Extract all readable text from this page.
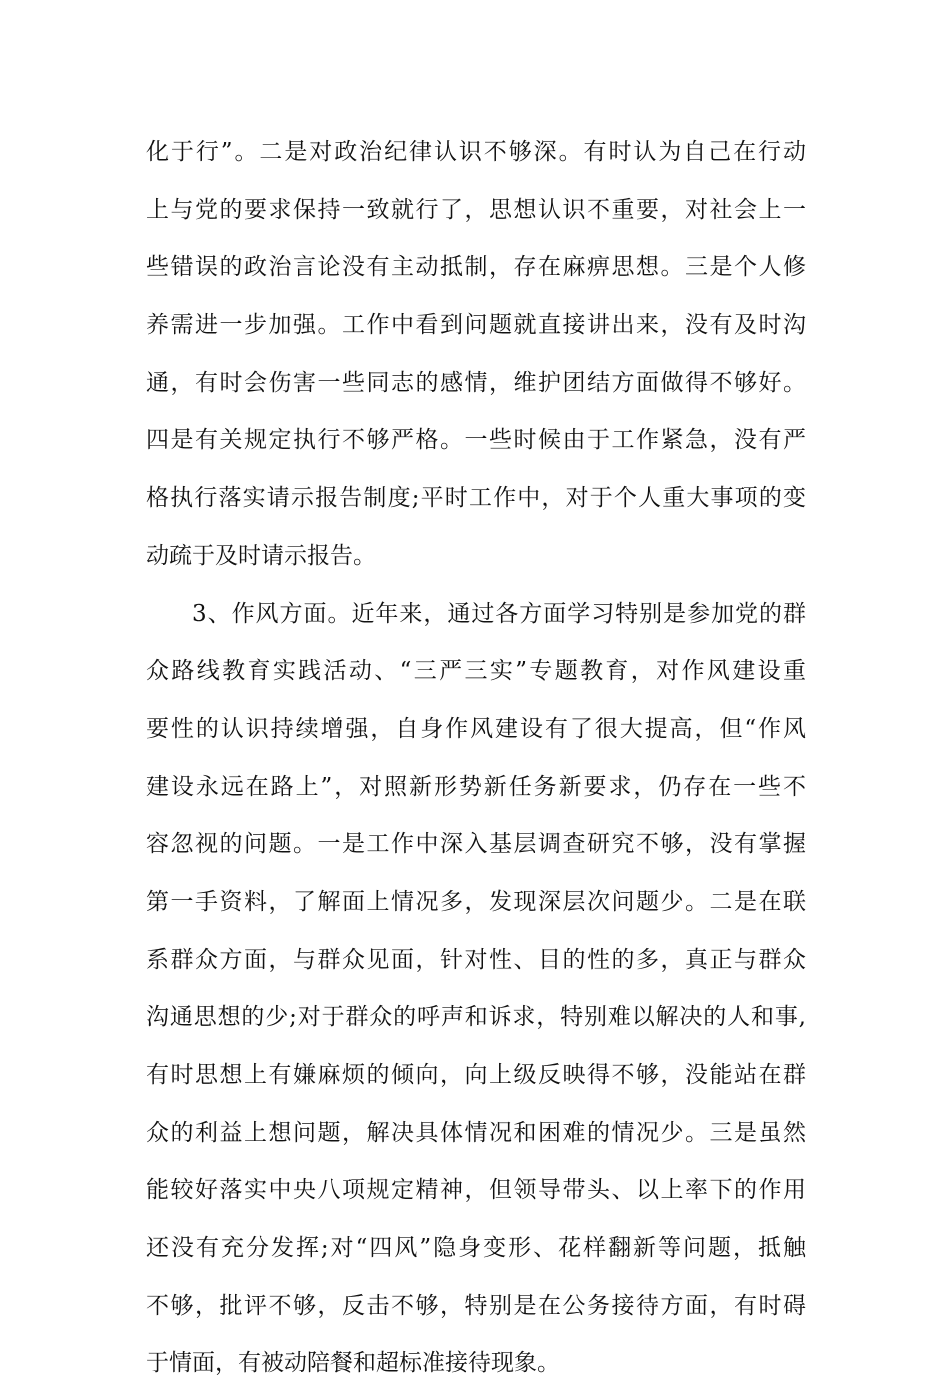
化于行”。二是对政治纪律认识不够深。有时认为自己在行动
上与党的要求保持一致就行了，思想认识不重要，对社会上一
些错误的政治言论没有主动抵制，存在麻痹思想。三是个人修
养需进一步加强。工作中看到问题就直接讲出来，没有及时沟
通，有时会伤害一些同志的感情，维护团结方面做得不够好。
四是有关规定执行不够严格。一些时候由于工作紧急，没有严
格执行落实请示报告制度;平时工作中，对于个人重大事项的变
动疏于及时请示报告。
3、作风方面。近年来，通过各方面学习特别是参加党的群
众路线教育实践活动、“三严三实”专题教育，对作风建设重
要性的认识持续增强，自身作风建设有了很大提高，但“作风
建设永远在路上”，对照新形势新任务新要求，仍存在一些不
容忽视的问题。一是工作中深入基层调查研究不够，没有掌握
第一手资料，了解面上情况多，发现深层次问题少。二是在联
系群众方面，与群众见面，针对性、目的性的多，真正与群众
沟通思想的少;对于群众的呼声和诉求，特别难以解决的人和事,
有时思想上有嫌麻烦的倾向，向上级反映得不够，没能站在群
众的利益上想问题，解决具体情况和困难的情况少。三是虽然
能较好落实中央八项规定精神，但领导带头、以上率下的作用
还没有充分发挥;对“四风”隐身变形、花样翻新等问题，抵触
不够，批评不够，反击不够，特别是在公务接待方面，有时碍
于情面，有被动陪餐和超标准接待现象。
